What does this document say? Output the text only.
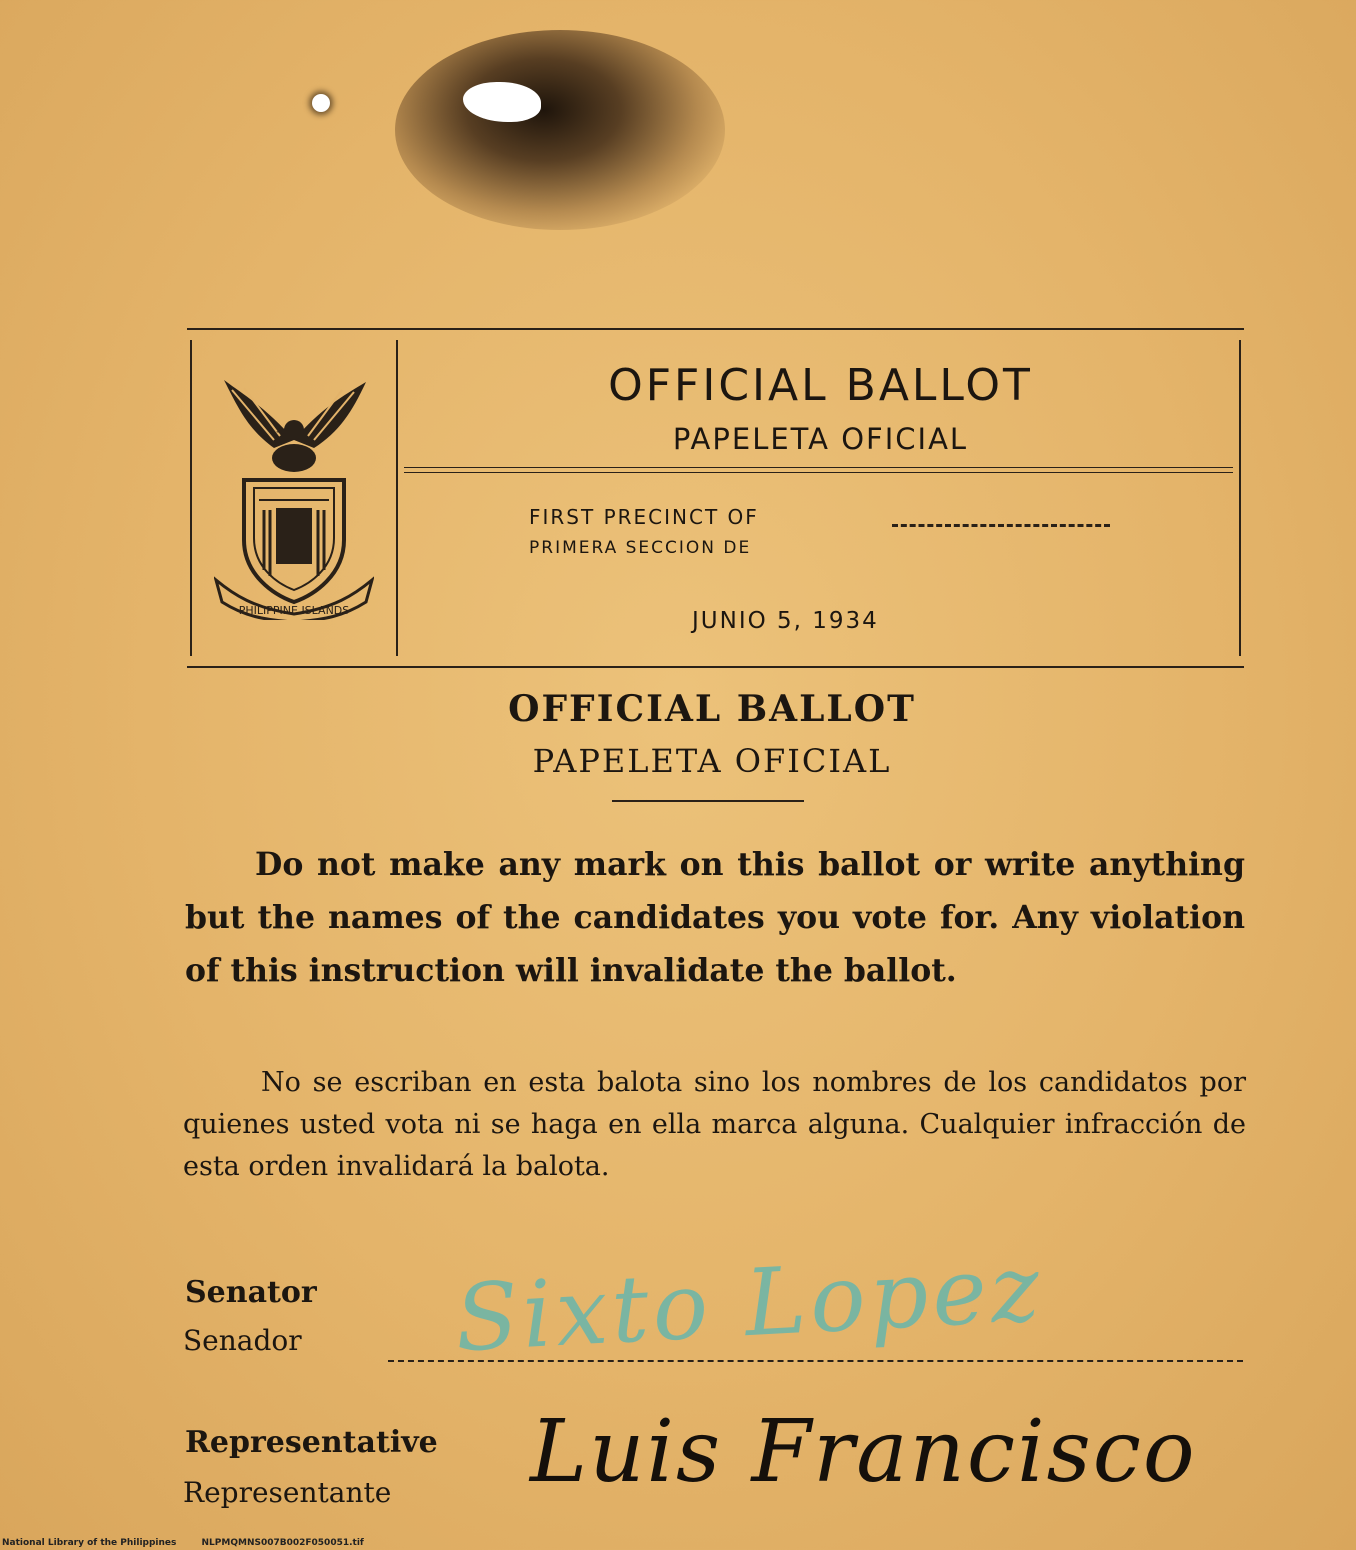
PHILIPPINE ISLANDS
OFFICIAL BALLOT
PAPELETA OFICIAL
FIRST PRECINCT OF
PRIMERA SECCION DE
JUNIO 5, 1934
OFFICIAL BALLOT
PAPELETA OFICIAL
Do not make any mark on this ballot or write anything but the names of the candidates you vote for. Any violation of this instruction will invalidate the ballot.
No se escriban en esta balota sino los nombres de los candidatos por quienes usted vota ni se haga en ella marca alguna. Cualquier infracción de esta orden invalidará la balota.
Senator
Senador Sixto Lopez
Representative
Representante Luis Francisco
National Library of the Philippines	NLPMQMNS007B002F050051.tif
